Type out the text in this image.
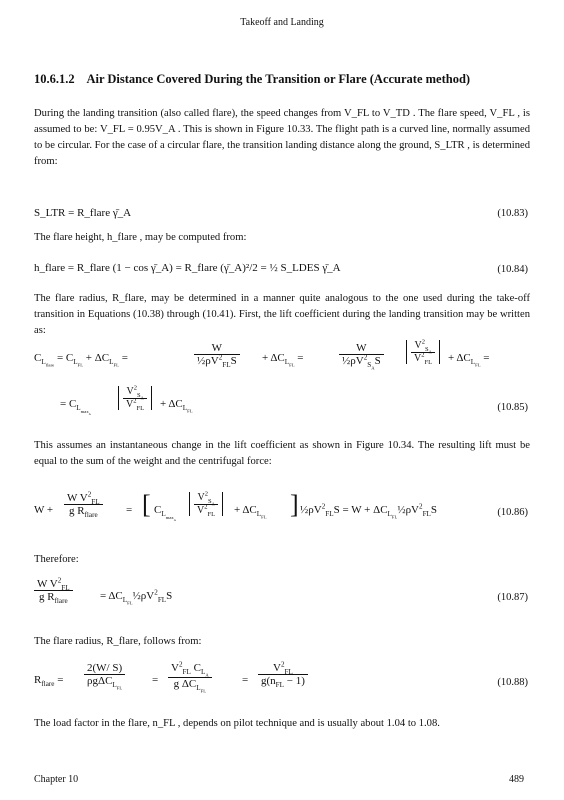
Takeoff and Landing
10.6.1.2 Air Distance Covered During the Transition or Flare (Accurate method)
During the landing transition (also called flare), the speed changes from V_FL to V_TD . The flare speed, V_FL , is assumed to be: V_FL = 0.95V_A . This is shown in Figure 10.33. The flight path is a curved line, normally assumed to be circular. For the case of a circular flare, the transition landing distance along the ground, S_LTR , is determined from:
S_LTR = R_flare γ̄_A	(10.83)
The flare height, h_flare , may be computed from:
h_flare = R_flare (1 − cos γ̄_A) = R_flare (γ̄_A)²/2 = ½ S_LDES γ̄_A	(10.84)
The flare radius, R_flare, may be determined in a manner quite analogous to the one used during the take-off transition in Equations (10.38) through (10.41). First, the lift coefficient during the landing transition may be written as:
$C_{L_{flare}} = C_{L_{FL}} + \Delta C_{L_{FL}}$ =
W
$\frac{1}{2}\rho V^2_{FL}S + \Delta C_{L_{FL}}$ =
W
$\frac{1}{2}\rho V^2_{S_A}S$	$\frac{V^2_{S_A}}{V^2_{FL}} + \Delta C_{L_{FL}}$ =
= $C_{L_{max_A}}$
$\frac{V^2_{S_A}}{V^2_{FL}} + \Delta C_{L_{FL}}$	(10.85)
This assumes an instantaneous change in the lift coefficient as shown in Figure 10.34. The resulting lift must be equal to the sum of the weight and the centrifugal force:
W +
W $V^2_{FL}$
g $R_{flare}$	= [ $C_{L_{max_A}}$
$\frac{V^2_{S_A}}{V^2_{FL}} + \Delta C_{L_{FL}}$ ] $\frac{1}{2}\rho V^2_{FL}S = W$ + $\Delta C_{L_{FL}}\frac{1}{2}\rho V^2_{FL}S$	(10.86)
Therefore:
W $V^2_{FL}$
g $R_{flare}$	= $\Delta C_{L_{FL}}\frac{1}{2}\rho V^2_{FL}S$	(10.87)
The flare radius, R_flare, follows from:
$R_{flare}$ =
2(W/ S)
ρgΔC$_{L_{FL}}$
=
$V^2_{FL}$ $C_{L_A}$
g $\Delta C_{L_{FL}}$
=
$V^2_{FL}$
$g(n_{FL} - 1)$	(10.88)
The load factor in the flare, n_FL , depends on pilot technique and is usually about 1.04 to 1.08.
Chapter 10	489
